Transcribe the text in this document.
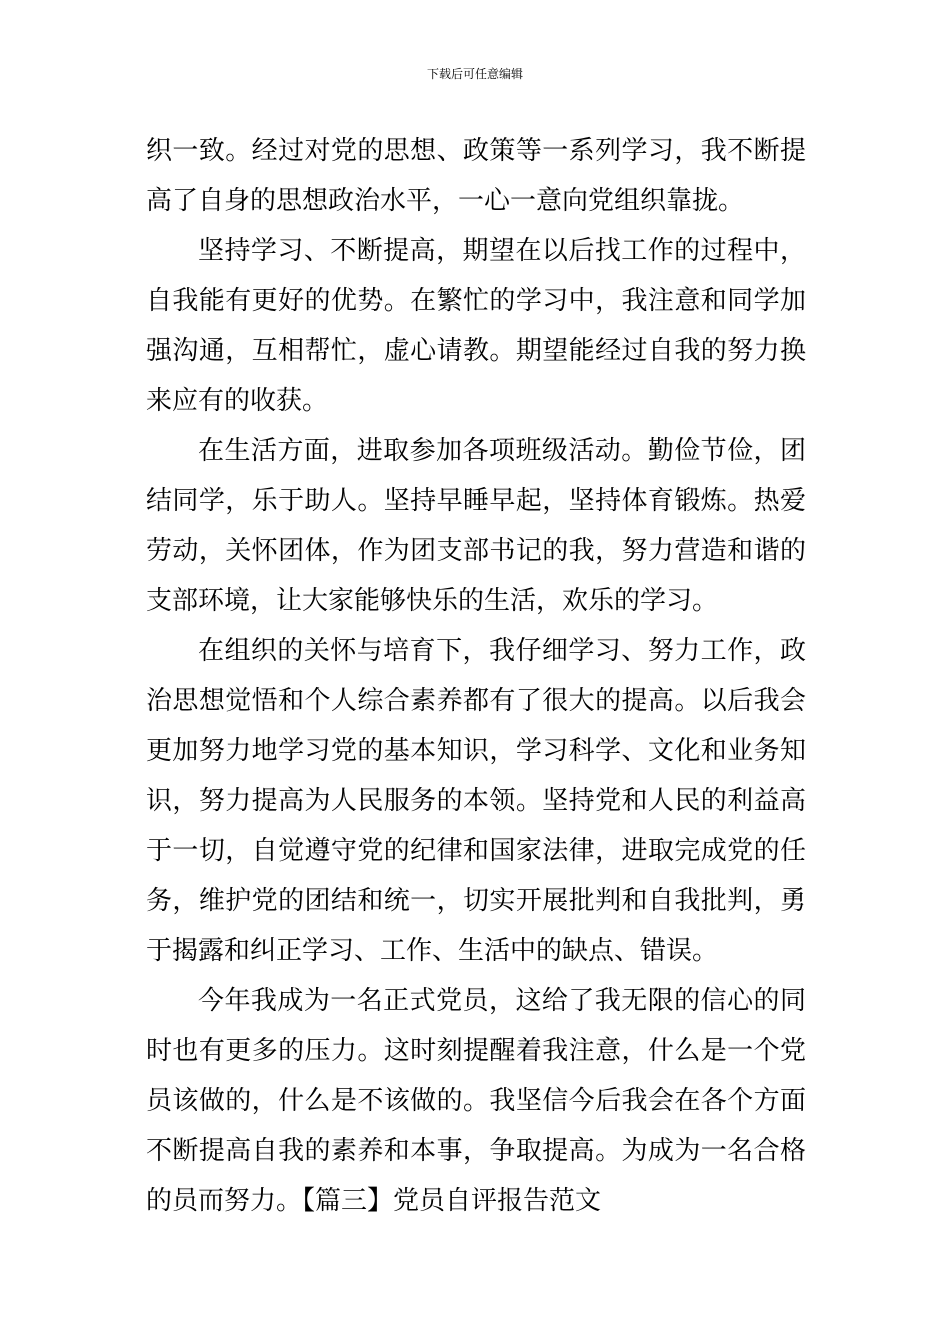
下载后可任意编辑

织一致。经过对党的思想、政策等一系列学习，我不断提高了自身的思想政治水平，一心一意向党组织靠拢。

坚持学习、不断提高，期望在以后找工作的过程中，自我能有更好的优势。在繁忙的学习中，我注意和同学加强沟通，互相帮忙，虚心请教。期望能经过自我的努力换来应有的收获。

在生活方面，进取参加各项班级活动。勤俭节俭，团结同学，乐于助人。坚持早睡早起，坚持体育锻炼。热爱劳动，关怀团体，作为团支部书记的我，努力营造和谐的支部环境，让大家能够快乐的生活，欢乐的学习。

在组织的关怀与培育下，我仔细学习、努力工作，政治思想觉悟和个人综合素养都有了很大的提高。以后我会更加努力地学习党的基本知识，学习科学、文化和业务知识，努力提高为人民服务的本领。坚持党和人民的利益高于一切，自觉遵守党的纪律和国家法律，进取完成党的任务，维护党的团结和统一，切实开展批判和自我批判，勇于揭露和纠正学习、工作、生活中的缺点、错误。

今年我成为一名正式党员，这给了我无限的信心的同时也有更多的压力。这时刻提醒着我注意，什么是一个党员该做的，什么是不该做的。我坚信今后我会在各个方面不断提高自我的素养和本事，争取提高。为成为一名合格的员而努力。【篇三】党员自评报告范文
